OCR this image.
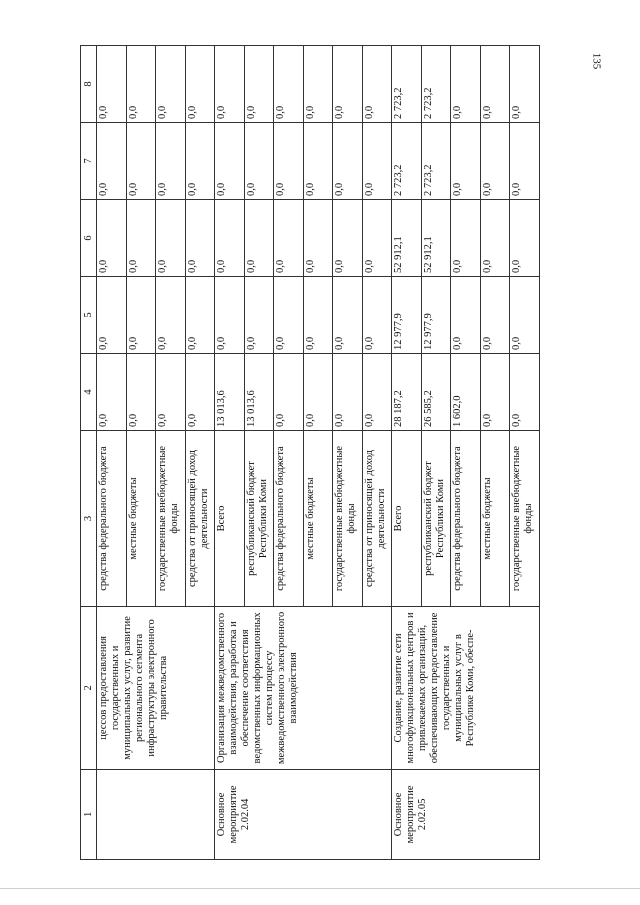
135
1	2	3	4	5	6	7	8
	цессов предоставления государственных и муниципальных услуг, развитие регионального сегмента инфраструктуры электронного правительства	средства федерального бюджета	0,0	0,0	0,0	0,0	0,0
		местные бюджеты	0,0	0,0	0,0	0,0	0,0
		государственные внебюджетные фонды	0,0	0,0	0,0	0,0	0,0
		средства от приносящей доход деятельности	0,0	0,0	0,0	0,0	0,0
Основное мероприятие 2.02.04	Организация межведомственного взаимодействия, разработка и обеспечение соответствия ведомственных информационных систем процессу межведомственного электронного взаимодействия	Всего	13 013,6	0,0	0,0	0,0	0,0
		республиканский бюджет Республики Коми	13 013,6	0,0	0,0	0,0	0,0
		средства федерального бюджета	0,0	0,0	0,0	0,0	0,0
		местные бюджеты	0,0	0,0	0,0	0,0	0,0
		государственные внебюджетные фонды	0,0	0,0	0,0	0,0	0,0
		средства от приносящей доход деятельности	0,0	0,0	0,0	0,0	0,0
Основное мероприятие 2.02.05	Создание, развитие сети многофункциональных центров и привлекаемых организаций, обеспечивающих предоставление государственных и муниципальных услуг в Республике Коми, обеспе-	Всего	28 187,2	12 977,9	52 912,1	2 723,2	2 723,2
		республиканский бюджет Республики Коми	26 585,2	12 977,9	52 912,1	2 723,2	2 723,2
		средства федерального бюджета	1 602,0	0,0	0,0	0,0	0,0
		местные бюджеты	0,0	0,0	0,0	0,0	0,0
		государственные внебюджетные фонды	0,0	0,0	0,0	0,0	0,0
